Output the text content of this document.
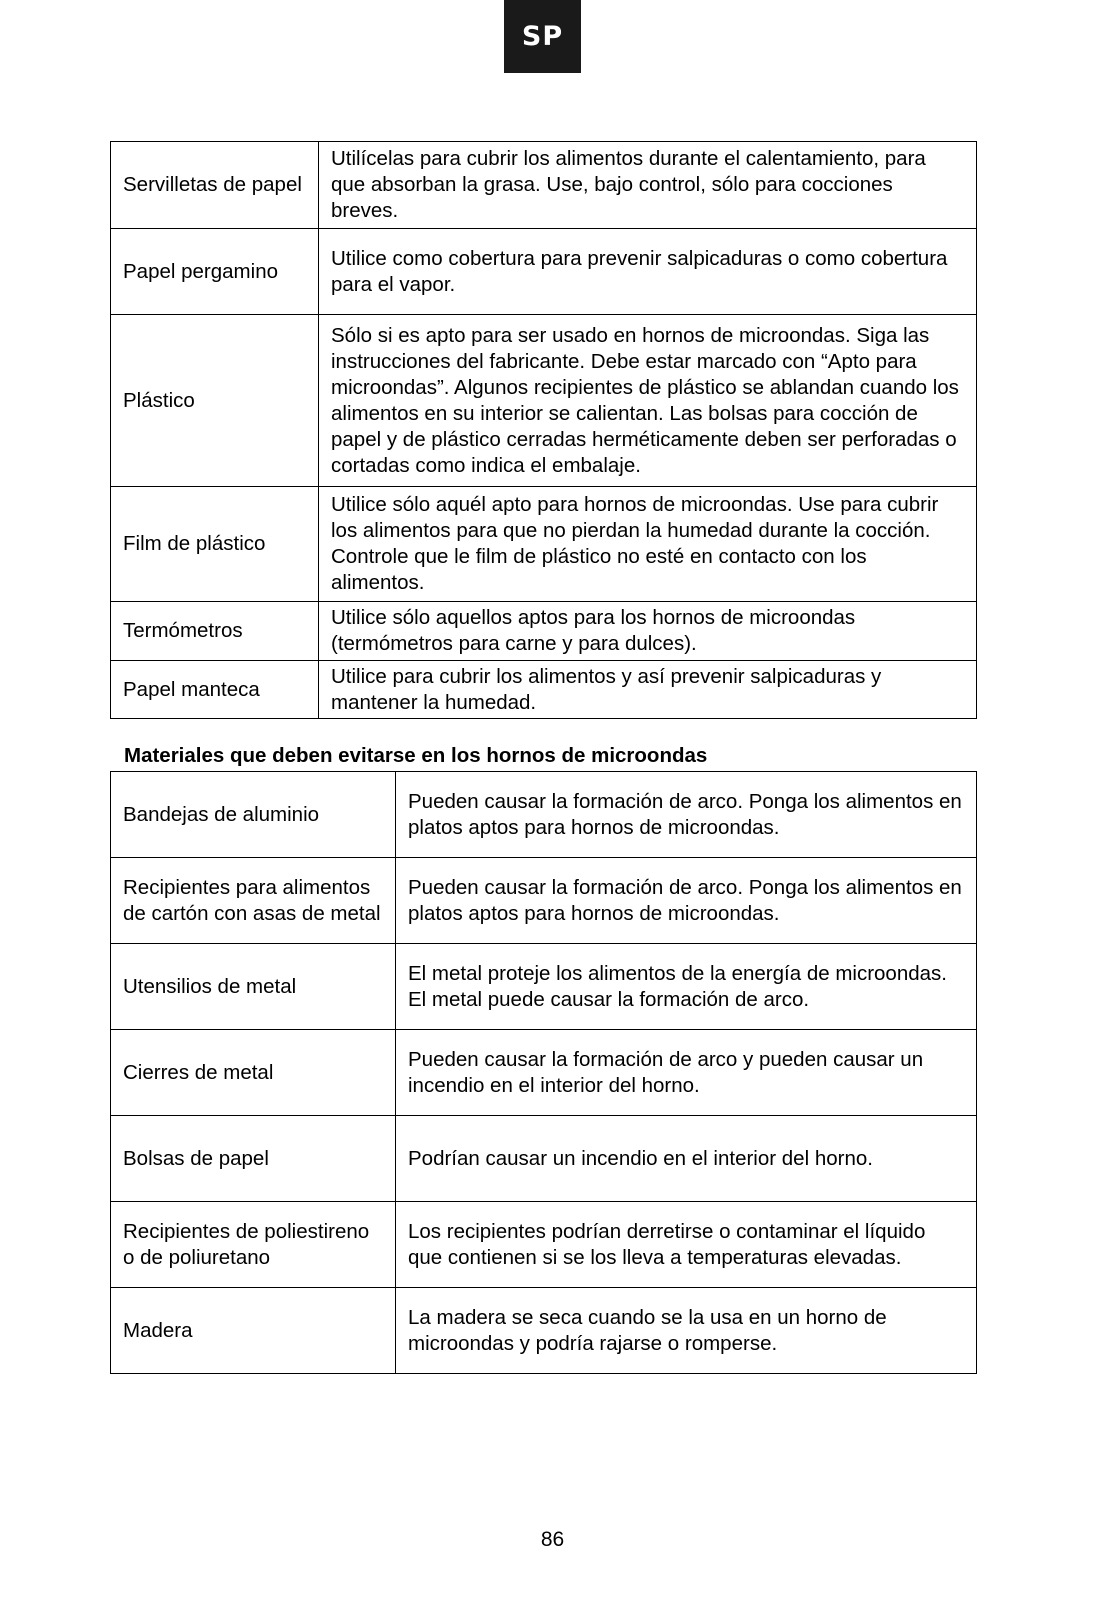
SP
Servilletas de papel	Utilícelas para cubrir los alimentos durante el calentamiento, para que absorban la grasa. Use, bajo control, sólo para cocciones breves.
Papel pergamino	Utilice como cobertura para prevenir salpicaduras o como cobertura para el vapor.
Plástico	Sólo si es apto para ser usado en hornos de microondas. Siga las instrucciones del fabricante. Debe estar marcado con “Apto para microondas”. Algunos recipientes de plástico se ablandan cuando los alimentos en su interior se calientan. Las bolsas para cocción de papel y de plástico cerradas herméticamente deben ser perforadas o cortadas como indica el embalaje.
Film de plástico	Utilice sólo aquél apto para hornos de microondas. Use para cubrir los alimentos para que no pierdan la humedad durante la cocción. Controle que le film de plástico no esté en contacto con los alimentos.
Termómetros	Utilice sólo aquellos aptos para los hornos de microondas (termómetros para carne y para dulces).
Papel manteca	Utilice para cubrir los alimentos y así prevenir salpicaduras y mantener la humedad.
Materiales que deben evitarse en los hornos de microondas
Bandejas de aluminio	Pueden causar la formación de arco. Ponga los alimentos en platos aptos para hornos de microondas.
Recipientes para alimentos de cartón con asas de metal	Pueden causar la formación de arco. Ponga los alimentos en platos aptos para hornos de microondas.
Utensilios de metal	El metal proteje los alimentos de la energía de microondas. El metal puede causar la formación de arco.
Cierres de metal	Pueden causar la formación de arco y pueden causar un incendio en el interior del horno.
Bolsas de papel	Podrían causar un incendio en el interior del horno.
Recipientes de poliestireno o de poliuretano	Los recipientes podrían derretirse o contaminar el líquido que contienen si se los lleva a temperaturas elevadas.
Madera	La madera se seca cuando se la usa en un horno de microondas y podría rajarse o romperse.
86
